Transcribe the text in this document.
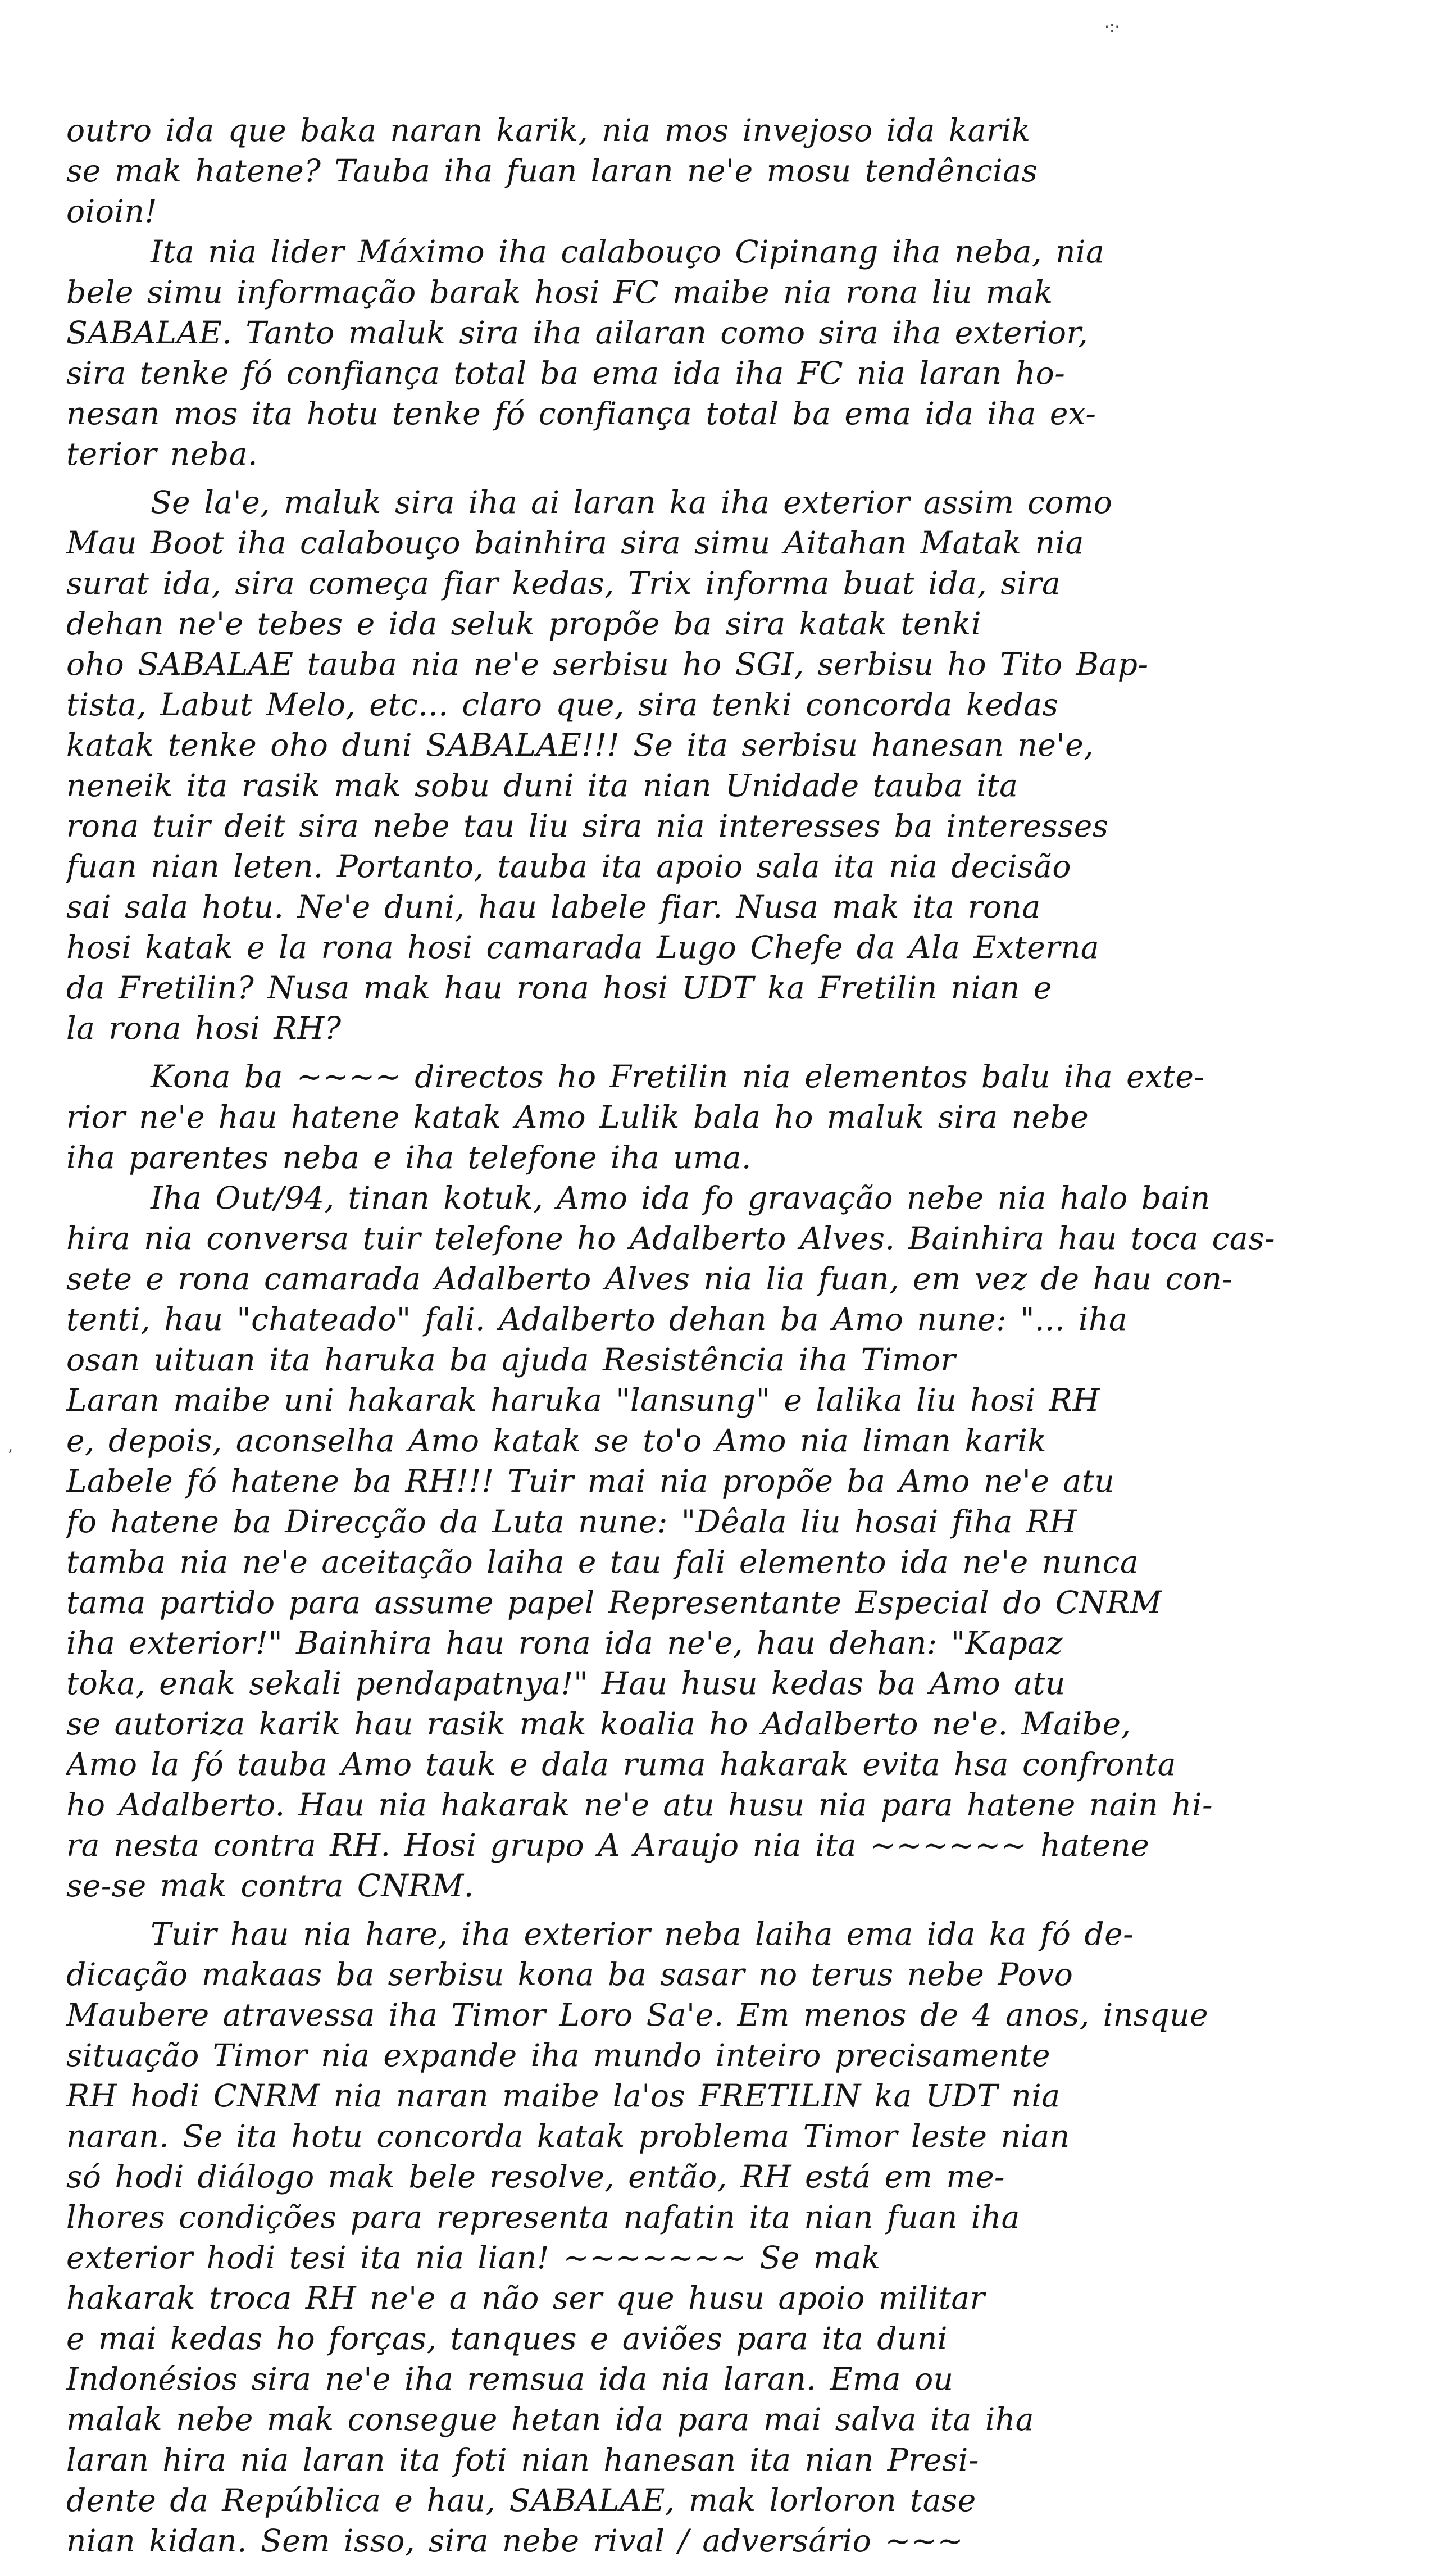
·:·
,
outro ida que baka naran karik, nia mos invejoso ida karik
se mak hatene? Tauba iha fuan laran ne'e mosu tendências
oioin!
Ita nia lider Máximo iha calabouço Cipinang iha neba, nia
bele simu informação barak hosi FC maibe nia rona liu mak
SABALAE. Tanto maluk sira iha ailaran como sira iha exterior,
sira tenke fó confiança total ba ema ida iha FC nia laran ho-
nesan mos ita hotu tenke fó confiança total ba ema ida iha ex-
terior neba.
Se la'e, maluk sira iha ai laran ka iha exterior assim como
Mau Boot iha calabouço bainhira sira simu Aitahan Matak nia
surat ida, sira começa fiar kedas, Trix informa buat ida, sira
dehan ne'e tebes e ida seluk propõe ba sira katak tenki
oho SABALAE tauba nia ne'e serbisu ho SGI, serbisu ho Tito Bap-
tista, Labut Melo, etc... claro que, sira tenki concorda kedas
katak tenke oho duni SABALAE!!! Se ita serbisu hanesan ne'e,
neneik ita rasik mak sobu duni ita nian Unidade tauba ita
rona tuir deit sira nebe tau liu sira nia interesses ba interesses
fuan nian leten. Portanto, tauba ita apoio sala ita nia decisão
sai sala hotu. Ne'e duni, hau labele fiar. Nusa mak ita rona
hosi katak e la rona hosi camarada Lugo Chefe da Ala Externa
da Fretilin? Nusa mak hau rona hosi UDT ka Fretilin nian e
la rona hosi RH?
Kona ba ~~~~ directos ho Fretilin nia elementos balu iha exte-
rior ne'e hau hatene katak Amo Lulik bala ho maluk sira nebe
iha parentes neba e iha telefone iha uma.
Iha Out/94, tinan kotuk, Amo ida fo gravação nebe nia halo bain
hira nia conversa tuir telefone ho Adalberto Alves. Bainhira hau toca cas-
sete e rona camarada Adalberto Alves nia lia fuan, em vez de hau con-
tenti, hau "chateado" fali. Adalberto dehan ba Amo nune: "... iha
osan uituan ita haruka ba ajuda Resistência iha Timor
Laran maibe uni hakarak haruka "lansung" e lalika liu hosi RH
e, depois, aconselha Amo katak se to'o Amo nia liman karik
Labele fó hatene ba RH!!! Tuir mai nia propõe ba Amo ne'e atu
fo hatene ba Direcção da Luta nune: "Dêala liu hosai fiha RH
tamba nia ne'e aceitação laiha e tau fali elemento ida ne'e nunca
tama partido para assume papel Representante Especial do CNRM
iha exterior!" Bainhira hau rona ida ne'e, hau dehan: "Kapaz
toka, enak sekali pendapatnya!" Hau husu kedas ba Amo atu
se autoriza karik hau rasik mak koalia ho Adalberto ne'e. Maibe,
Amo la fó tauba Amo tauk e dala ruma hakarak evita hsa confronta
ho Adalberto. Hau nia hakarak ne'e atu husu nia para hatene nain hi-
ra nesta contra RH. Hosi grupo A Araujo nia ita ~~~~~~ hatene
se-se mak contra CNRM.
Tuir hau nia hare, iha exterior neba laiha ema ida ka fó de-
dicação makaas ba serbisu kona ba sasar no terus nebe Povo
Maubere atravessa iha Timor Loro Sa'e. Em menos de 4 anos, insque
situação Timor nia expande iha mundo inteiro precisamente
RH hodi CNRM nia naran maibe la'os FRETILIN ka UDT nia
naran. Se ita hotu concorda katak problema Timor leste nian
só hodi diálogo mak bele resolve, então, RH está em me-
lhores condições para representa nafatin ita nian fuan iha
exterior hodi tesi ita nia lian! ~~~~~~~ Se mak
hakarak troca RH ne'e a não ser que husu apoio militar
e mai kedas ho forças, tanques e aviões para ita duni
Indonésios sira ne'e iha remsua ida nia laran. Ema ou
malak nebe mak consegue hetan ida para mai salva ita iha
laran hira nia laran ita foti nian hanesan ita nian Presi-
dente da República e hau, SABALAE, mak lorloron tase
nian kidan. Sem isso, sira nebe rival / adversário ~~~
